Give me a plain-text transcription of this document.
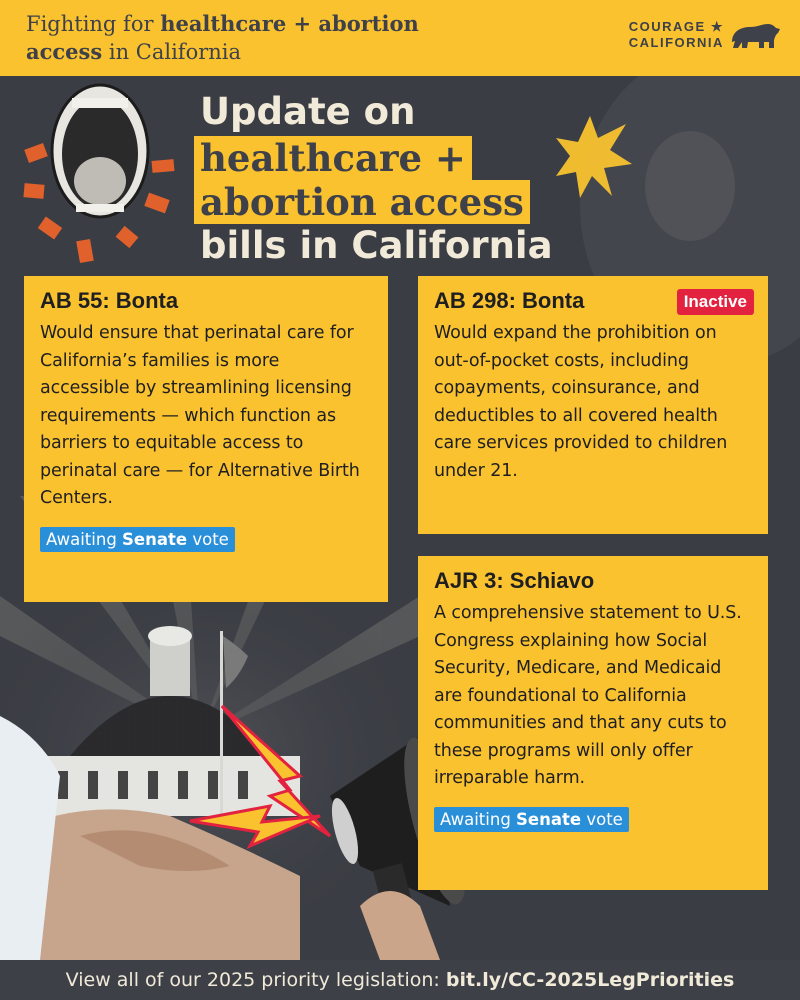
Fighting for healthcare + abortion
access in California
COURAGE ★
CALIFORNIA
Update on
healthcare +
abortion access
bills in California
AB 55: Bonta
Would ensure that perinatal care for California’s families is more accessible by streamlining licensing requirements — which function as barriers to equitable access to perinatal care — for Alternative Birth Centers.
Awaiting Senate vote
AB 298: Bonta	Inactive
Would expand the prohibition on out-of-pocket costs, including copayments, coinsurance, and deductibles to all covered health care services provided to children under 21.
AJR 3: Schiavo
A comprehensive statement to U.S. Congress explaining how Social Security, Medicare, and Medicaid are foundational to California communities and that any cuts to these programs will only offer irreparable harm.
Awaiting Senate vote
View all of our 2025 priority legislation: bit.ly/CC-2025LegPriorities
